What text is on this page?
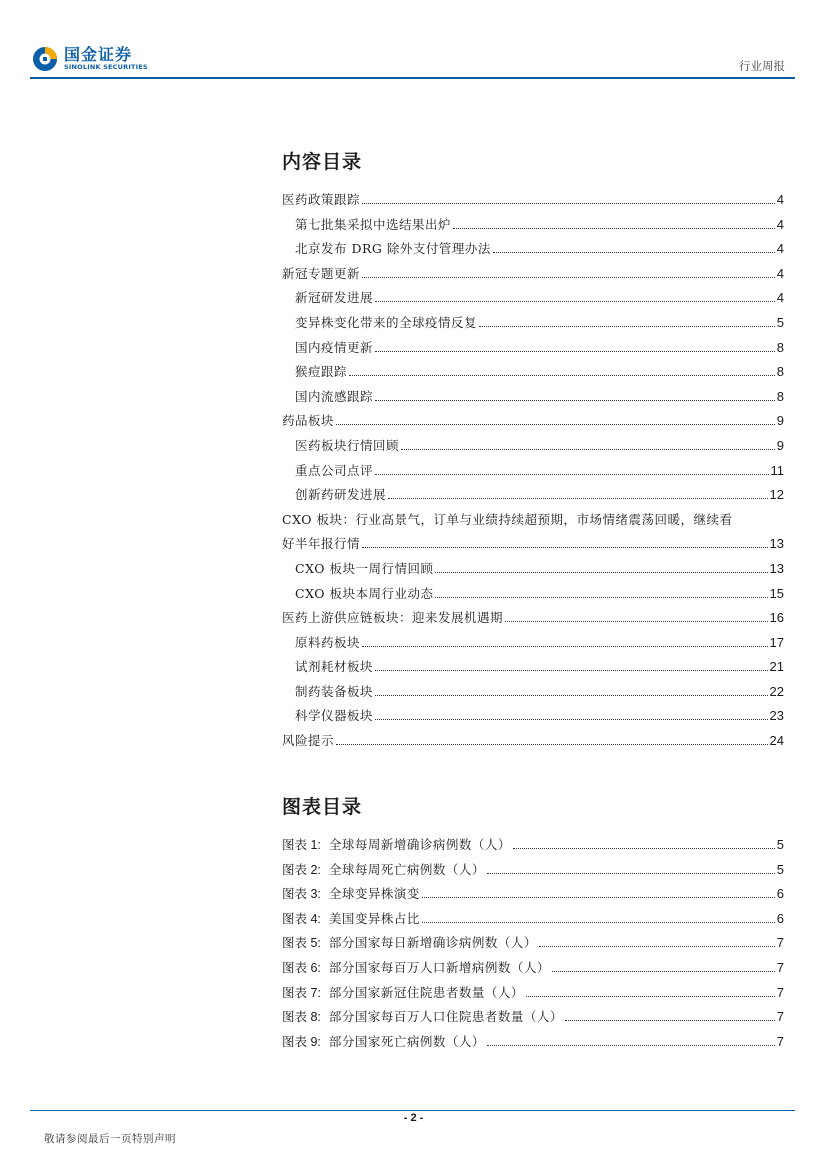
国金证券
SINOLINK SECURITIES	行业周报
内容目录
医药政策跟踪	4
第七批集采拟中选结果出炉	4
北京发布 DRG 除外支付管理办法	4
新冠专题更新	4
新冠研发进展	4
变异株变化带来的全球疫情反复	5
国内疫情更新	8
猴痘跟踪	8
国内流感跟踪	8
药品板块	9
医药板块行情回顾	9
重点公司点评	11
创新药研发进展	12
CXO 板块：行业高景气，订单与业绩持续超预期，市场情绪震荡回暖，继续看
好半年报行情	13
CXO 板块一周行情回顾	13
CXO 板块本周行业动态	15
医药上游供应链板块：迎来发展机遇期	16
原料药板块	17
试剂耗材板块	21
制药装备板块	22
科学仪器板块	23
风险提示	24
图表目录
图表 1: 全球每周新增确诊病例数（人）	5
图表 2: 全球每周死亡病例数（人）	5
图表 3: 全球变异株演变	6
图表 4: 美国变异株占比	6
图表 5: 部分国家每日新增确诊病例数（人）	7
图表 6: 部分国家每百万人口新增病例数（人）	7
图表 7: 部分国家新冠住院患者数量（人）	7
图表 8: 部分国家每百万人口住院患者数量（人）	7
图表 9: 部分国家死亡病例数（人）	7
- 2 -
敬请参阅最后一页特别声明
